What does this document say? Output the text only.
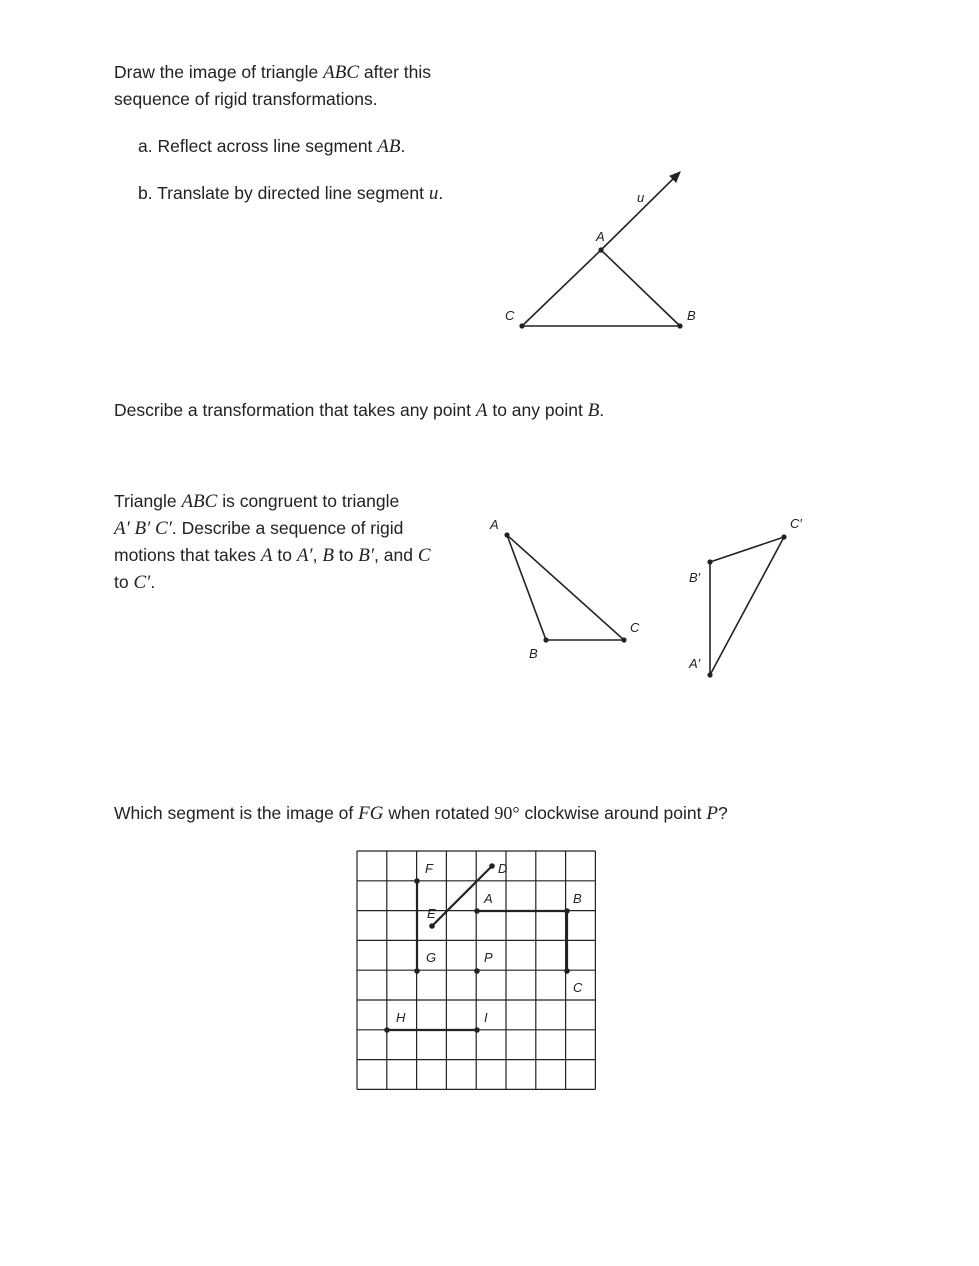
Draw the image of triangle ABC after this

sequence of rigid transformations.

a. Reflect across line segment AB.

b. Translate by directed line segment u.	u
A
C	B

Describe a transformation that takes any point A to any point B.

Triangle ABC is congruent to triangle

A′ B′ C′. Describe a sequence of rigid

motions that takes A to A′, B to B′, and C

to C′.

A
B
C
B′
C′
A′

Which segment is the image of FG when rotated 90° clockwise around point P?

F	D
A	B
E
G	P
C
H	I
